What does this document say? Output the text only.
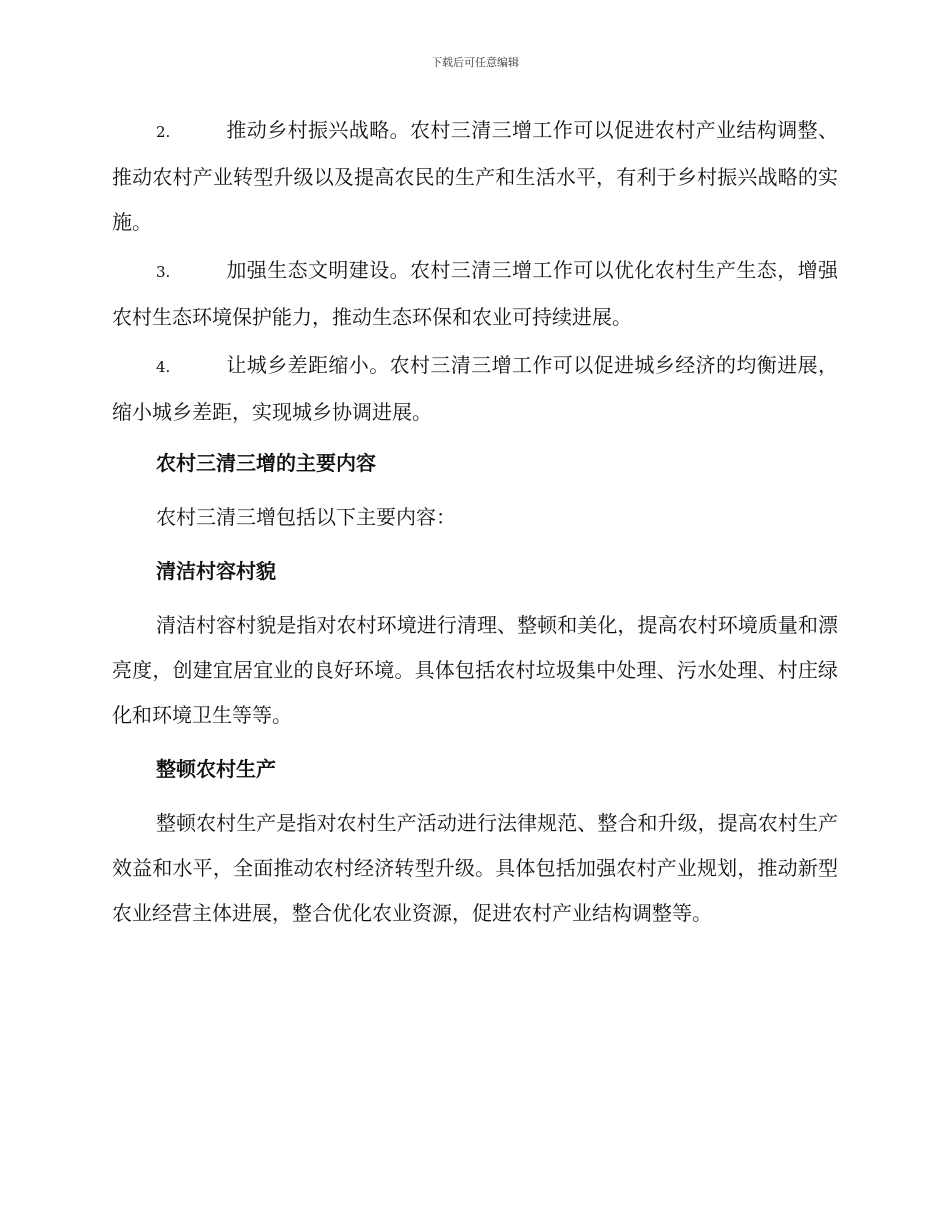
下载后可任意编辑

2.	推动乡村振兴战略。农村三清三增工作可以促进农村产业结构调整、推动农村产业转型升级以及提高农民的生产和生活水平，有利于乡村振兴战略的实施。

3.	加强生态文明建设。农村三清三增工作可以优化农村生产生态，增强农村生态环境保护能力，推动生态环保和农业可持续进展。

4.	让城乡差距缩小。农村三清三增工作可以促进城乡经济的均衡进展，缩小城乡差距，实现城乡协调进展。

农村三清三增的主要内容

农村三清三增包括以下主要内容：

清洁村容村貌

清洁村容村貌是指对农村环境进行清理、整顿和美化，提高农村环境质量和漂亮度，创建宜居宜业的良好环境。具体包括农村垃圾集中处理、污水处理、村庄绿化和环境卫生等等。

整顿农村生产

整顿农村生产是指对农村生产活动进行法律规范、整合和升级，提高农村生产效益和水平，全面推动农村经济转型升级。具体包括加强农村产业规划，推动新型农业经营主体进展，整合优化农业资源，促进农村产业结构调整等。
